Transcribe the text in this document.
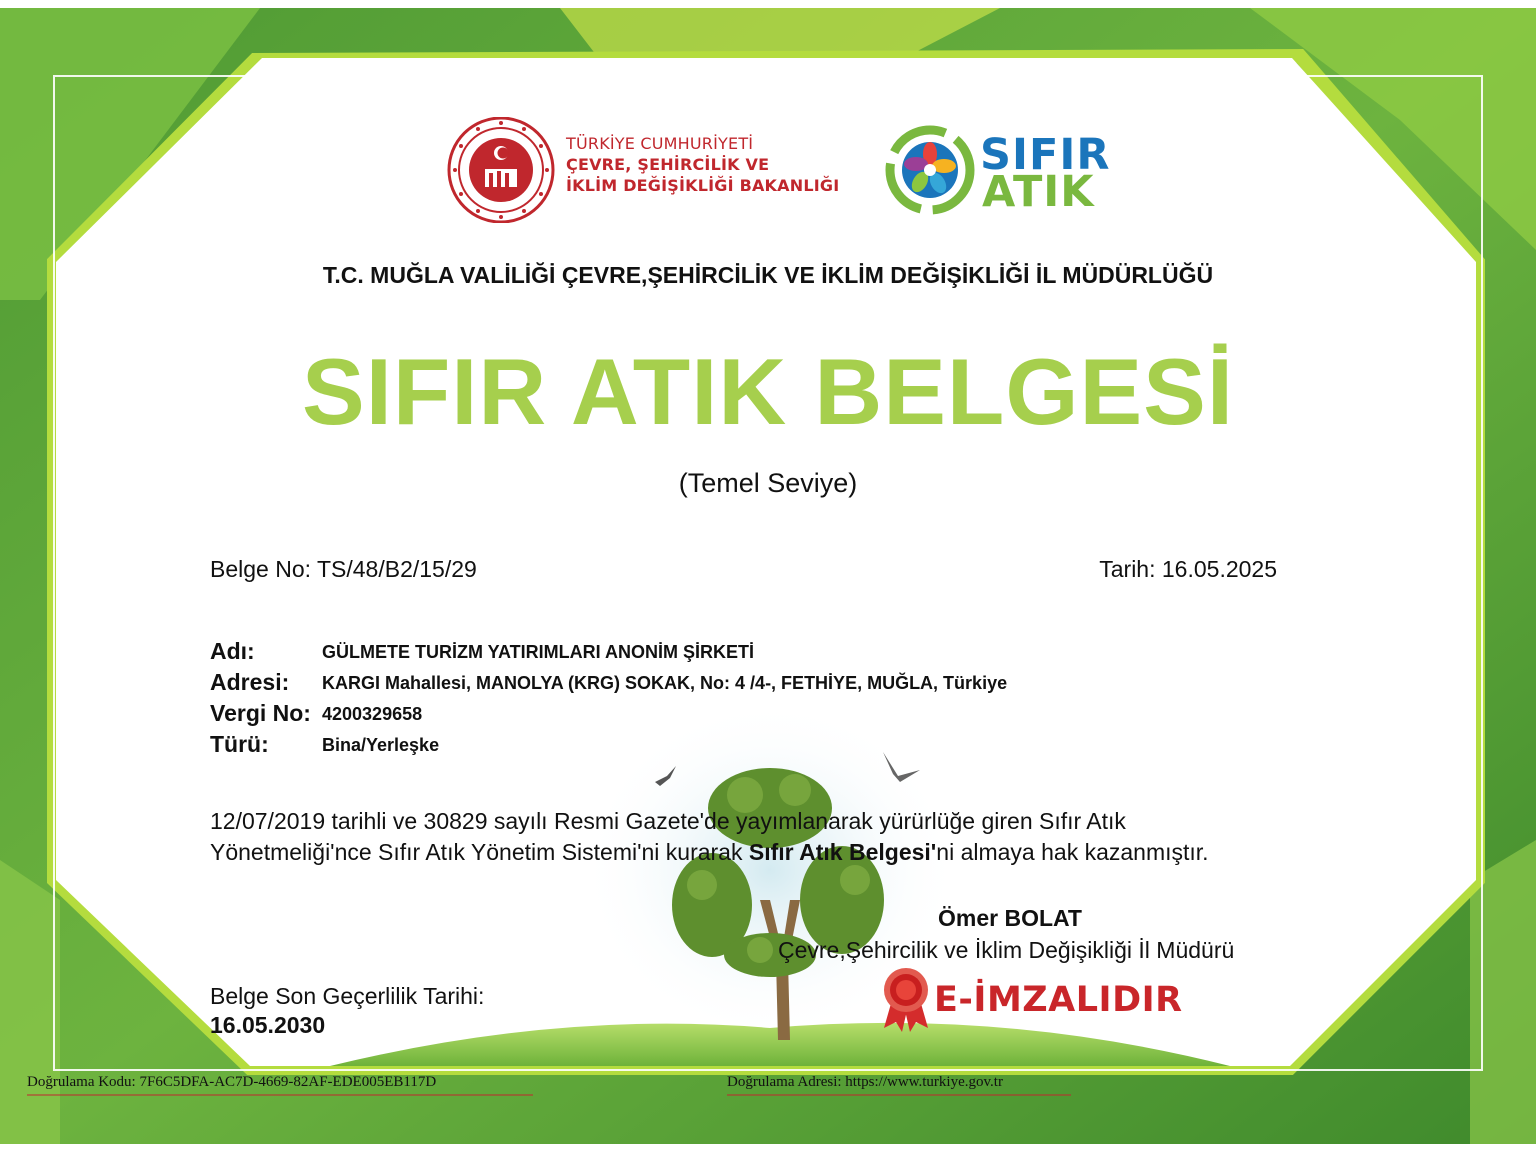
TÜRKİYE CUMHURİYETİ
ÇEVRE, ŞEHİRCİLİK VE
İKLİM DEĞİŞİKLİĞİ BAKANLIĞI
SIFIR
ATIK
T.C. MUĞLA VALİLİĞİ ÇEVRE,ŞEHİRCİLİK VE İKLİM DEĞİŞİKLİĞİ İL MÜDÜRLÜĞÜ
SIFIR ATIK BELGESİ
(Temel Seviye)
Belge No: TS/48/B2/15/29	Tarih: 16.05.2025
Adı:	GÜLMETE TURİZM YATIRIMLARI ANONİM ŞİRKETİ
Adresi: KARGI Mahallesi, MANOLYA (KRG) SOKAK, No: 4 /4-, FETHİYE, MUĞLA, Türkiye
Vergi No: 4200329658
Türü:	Bina/Yerleşke
12/07/2019 tarihli ve 30829 sayılı Resmi Gazete'de yayımlanarak yürürlüğe giren Sıfır Atık
Yönetmeliği'nce Sıfır Atık Yönetim Sistemi'ni kurarak Sıfır Atık Belgesi'ni almaya hak kazanmıştır.
Ömer BOLAT
Çevre,Şehircilik ve İklim Değişikliği İl Müdürü
E-İMZALIDIR
Belge Son Geçerlilik Tarihi:
16.05.2030
Doğrulama Kodu: 7F6C5DFA-AC7D-4669-82AF-EDE005EB117D	Doğrulama Adresi: https://www.turkiye.gov.tr
